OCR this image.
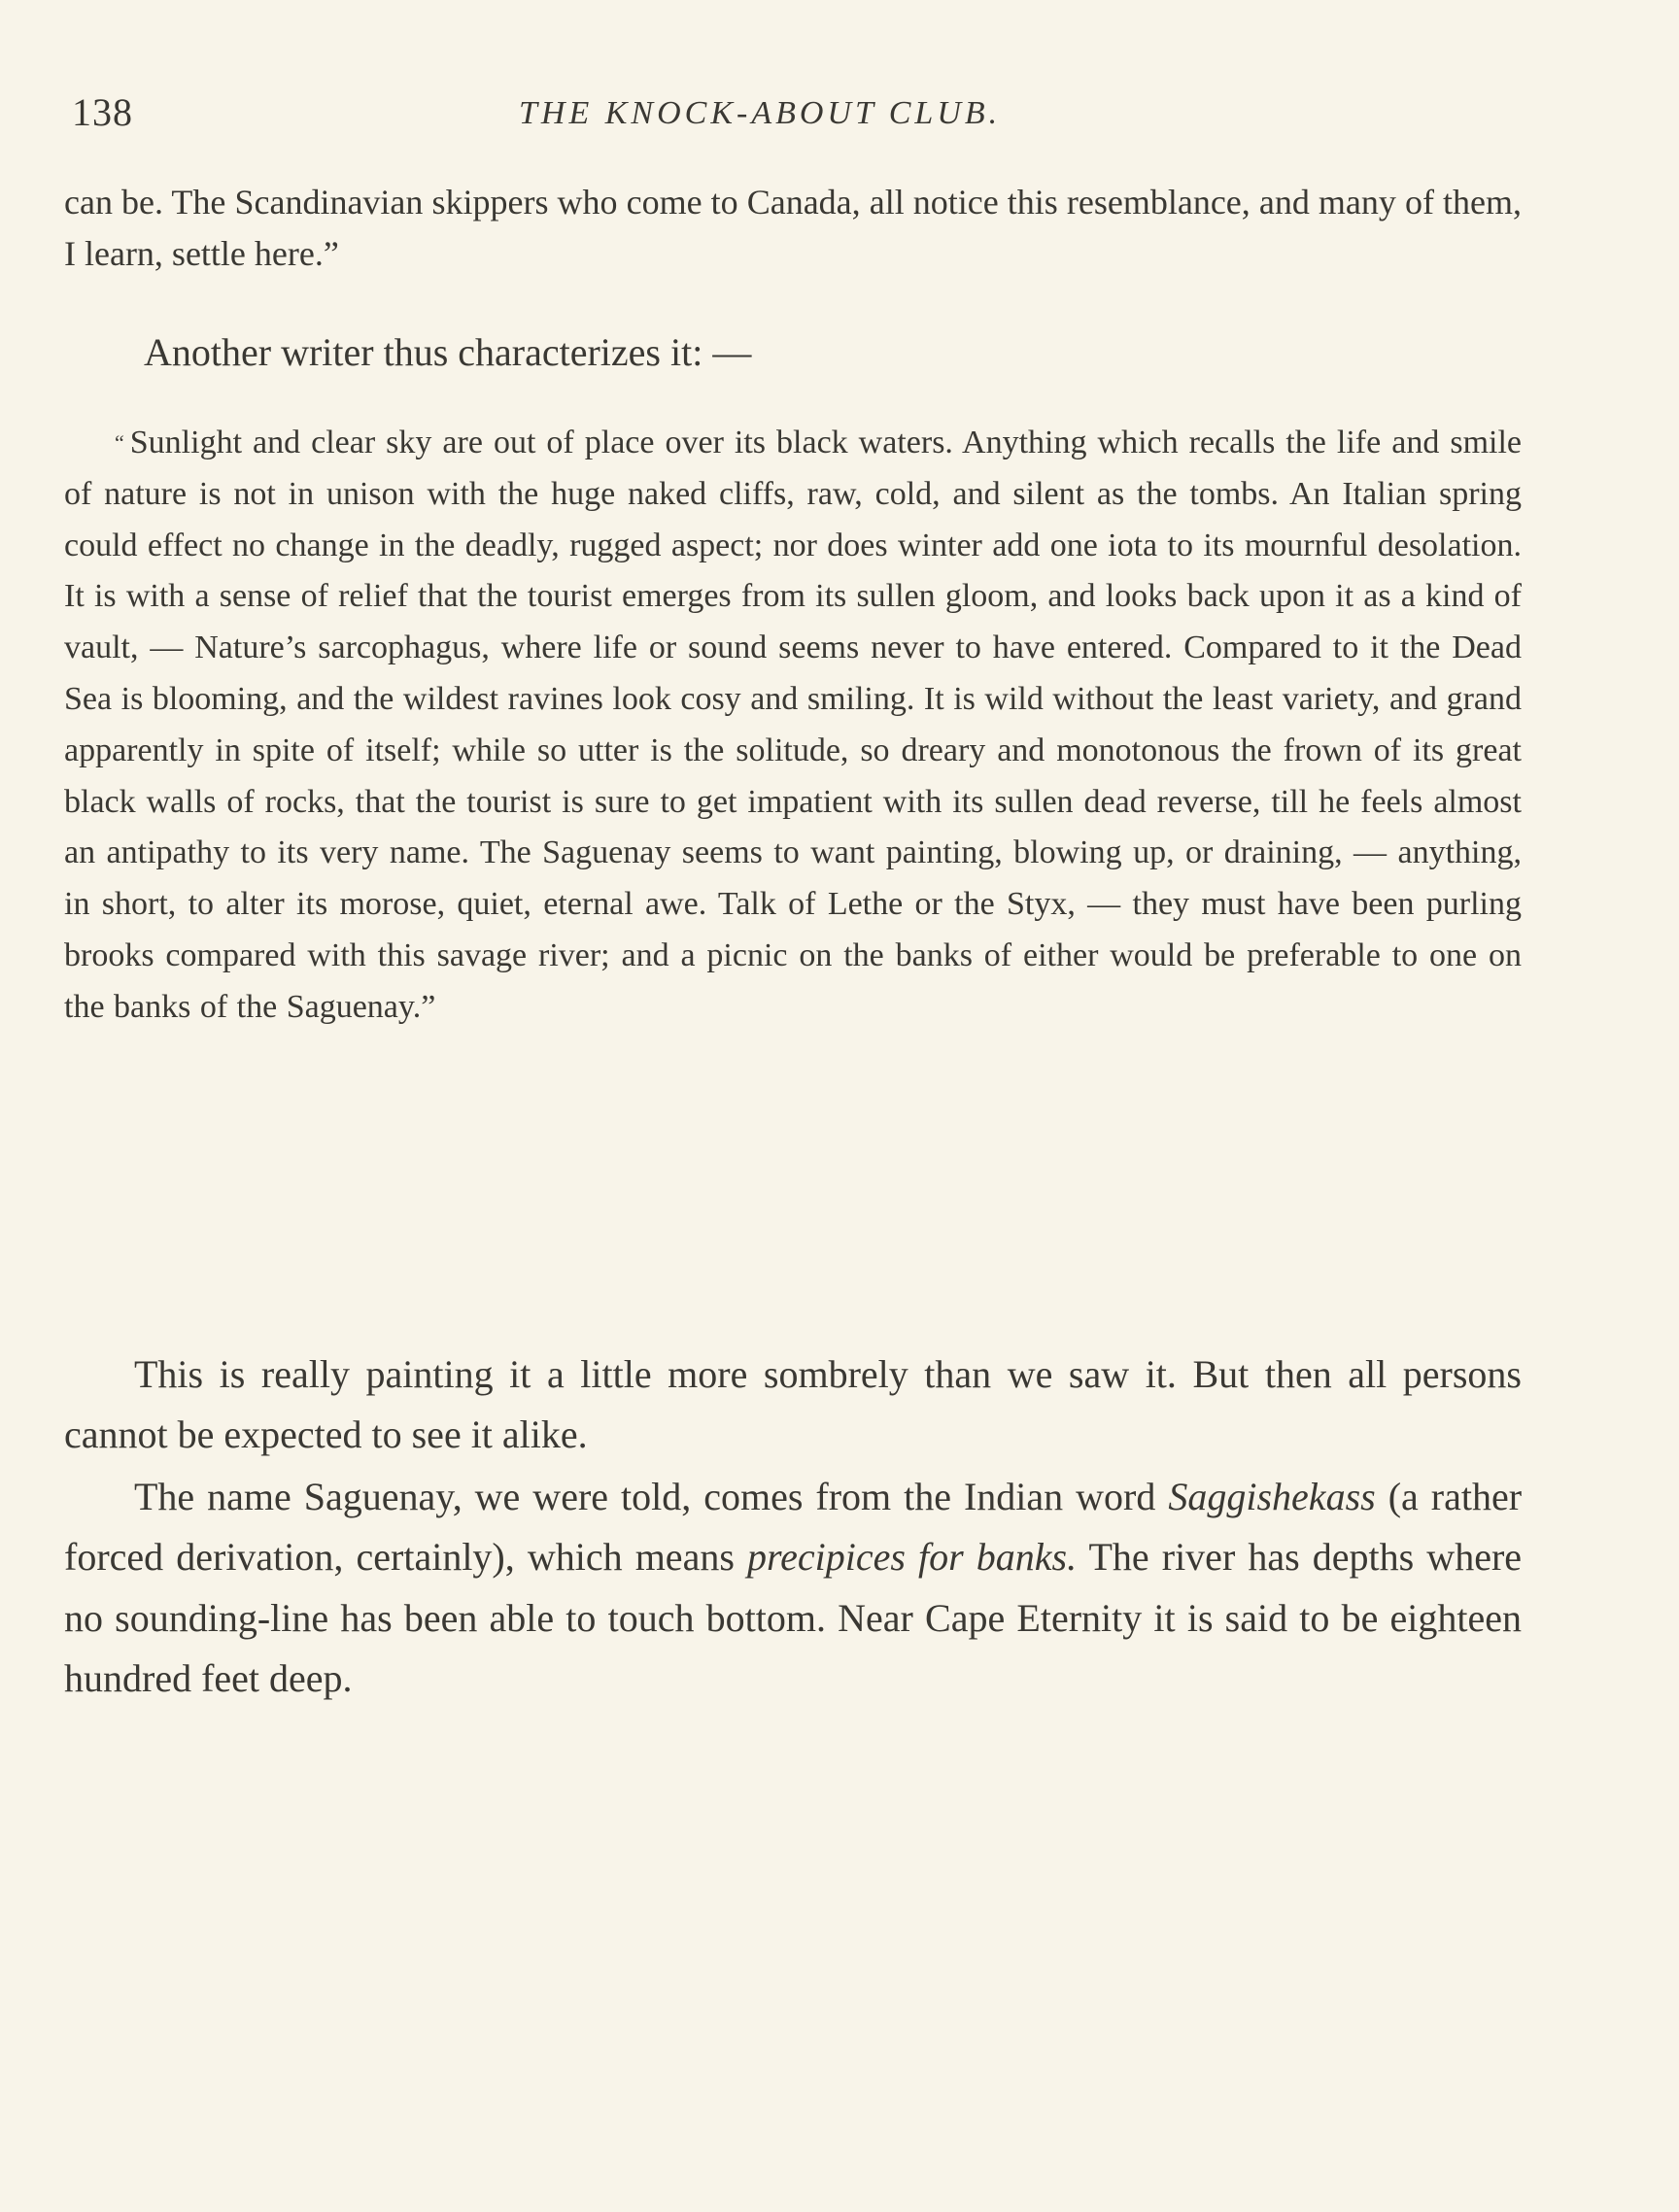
138	THE KNOCK-ABOUT CLUB.

can be. The Scandinavian skippers who come to Canada, all notice this resemblance, and many of them, I learn, settle here.”

Another writer thus characterizes it: —

“ Sunlight and clear sky are out of place over its black waters. Anything which recalls the life and smile of nature is not in unison with the huge naked cliffs, raw, cold, and silent as the tombs. An Italian spring could effect no change in the deadly, rugged aspect; nor does winter add one iota to its mournful desolation. It is with a sense of relief that the tourist emerges from its sullen gloom, and looks back upon it as a kind of vault, — Nature’s sarcophagus, where life or sound seems never to have entered. Compared to it the Dead Sea is blooming, and the wildest ravines look cosy and smiling. It is wild without the least variety, and grand apparently in spite of itself; while so utter is the solitude, so dreary and monotonous the frown of its great black walls of rocks, that the tourist is sure to get impatient with its sullen dead reverse, till he feels almost an antipathy to its very name. The Saguenay seems to want painting, blowing up, or draining, — anything, in short, to alter its morose, quiet, eternal awe. Talk of Lethe or the Styx, — they must have been purling brooks compared with this savage river; and a picnic on the banks of either would be preferable to one on the banks of the Saguenay.”

This is really painting it a little more sombrely than we saw it. But then all persons cannot be expected to see it alike.

The name Saguenay, we were told, comes from the Indian word Saggishekass (a rather forced derivation, certainly), which means precipices for banks. The river has depths where no sounding-line has been able to touch bottom. Near Cape Eternity it is said to be eighteen hundred feet deep.
